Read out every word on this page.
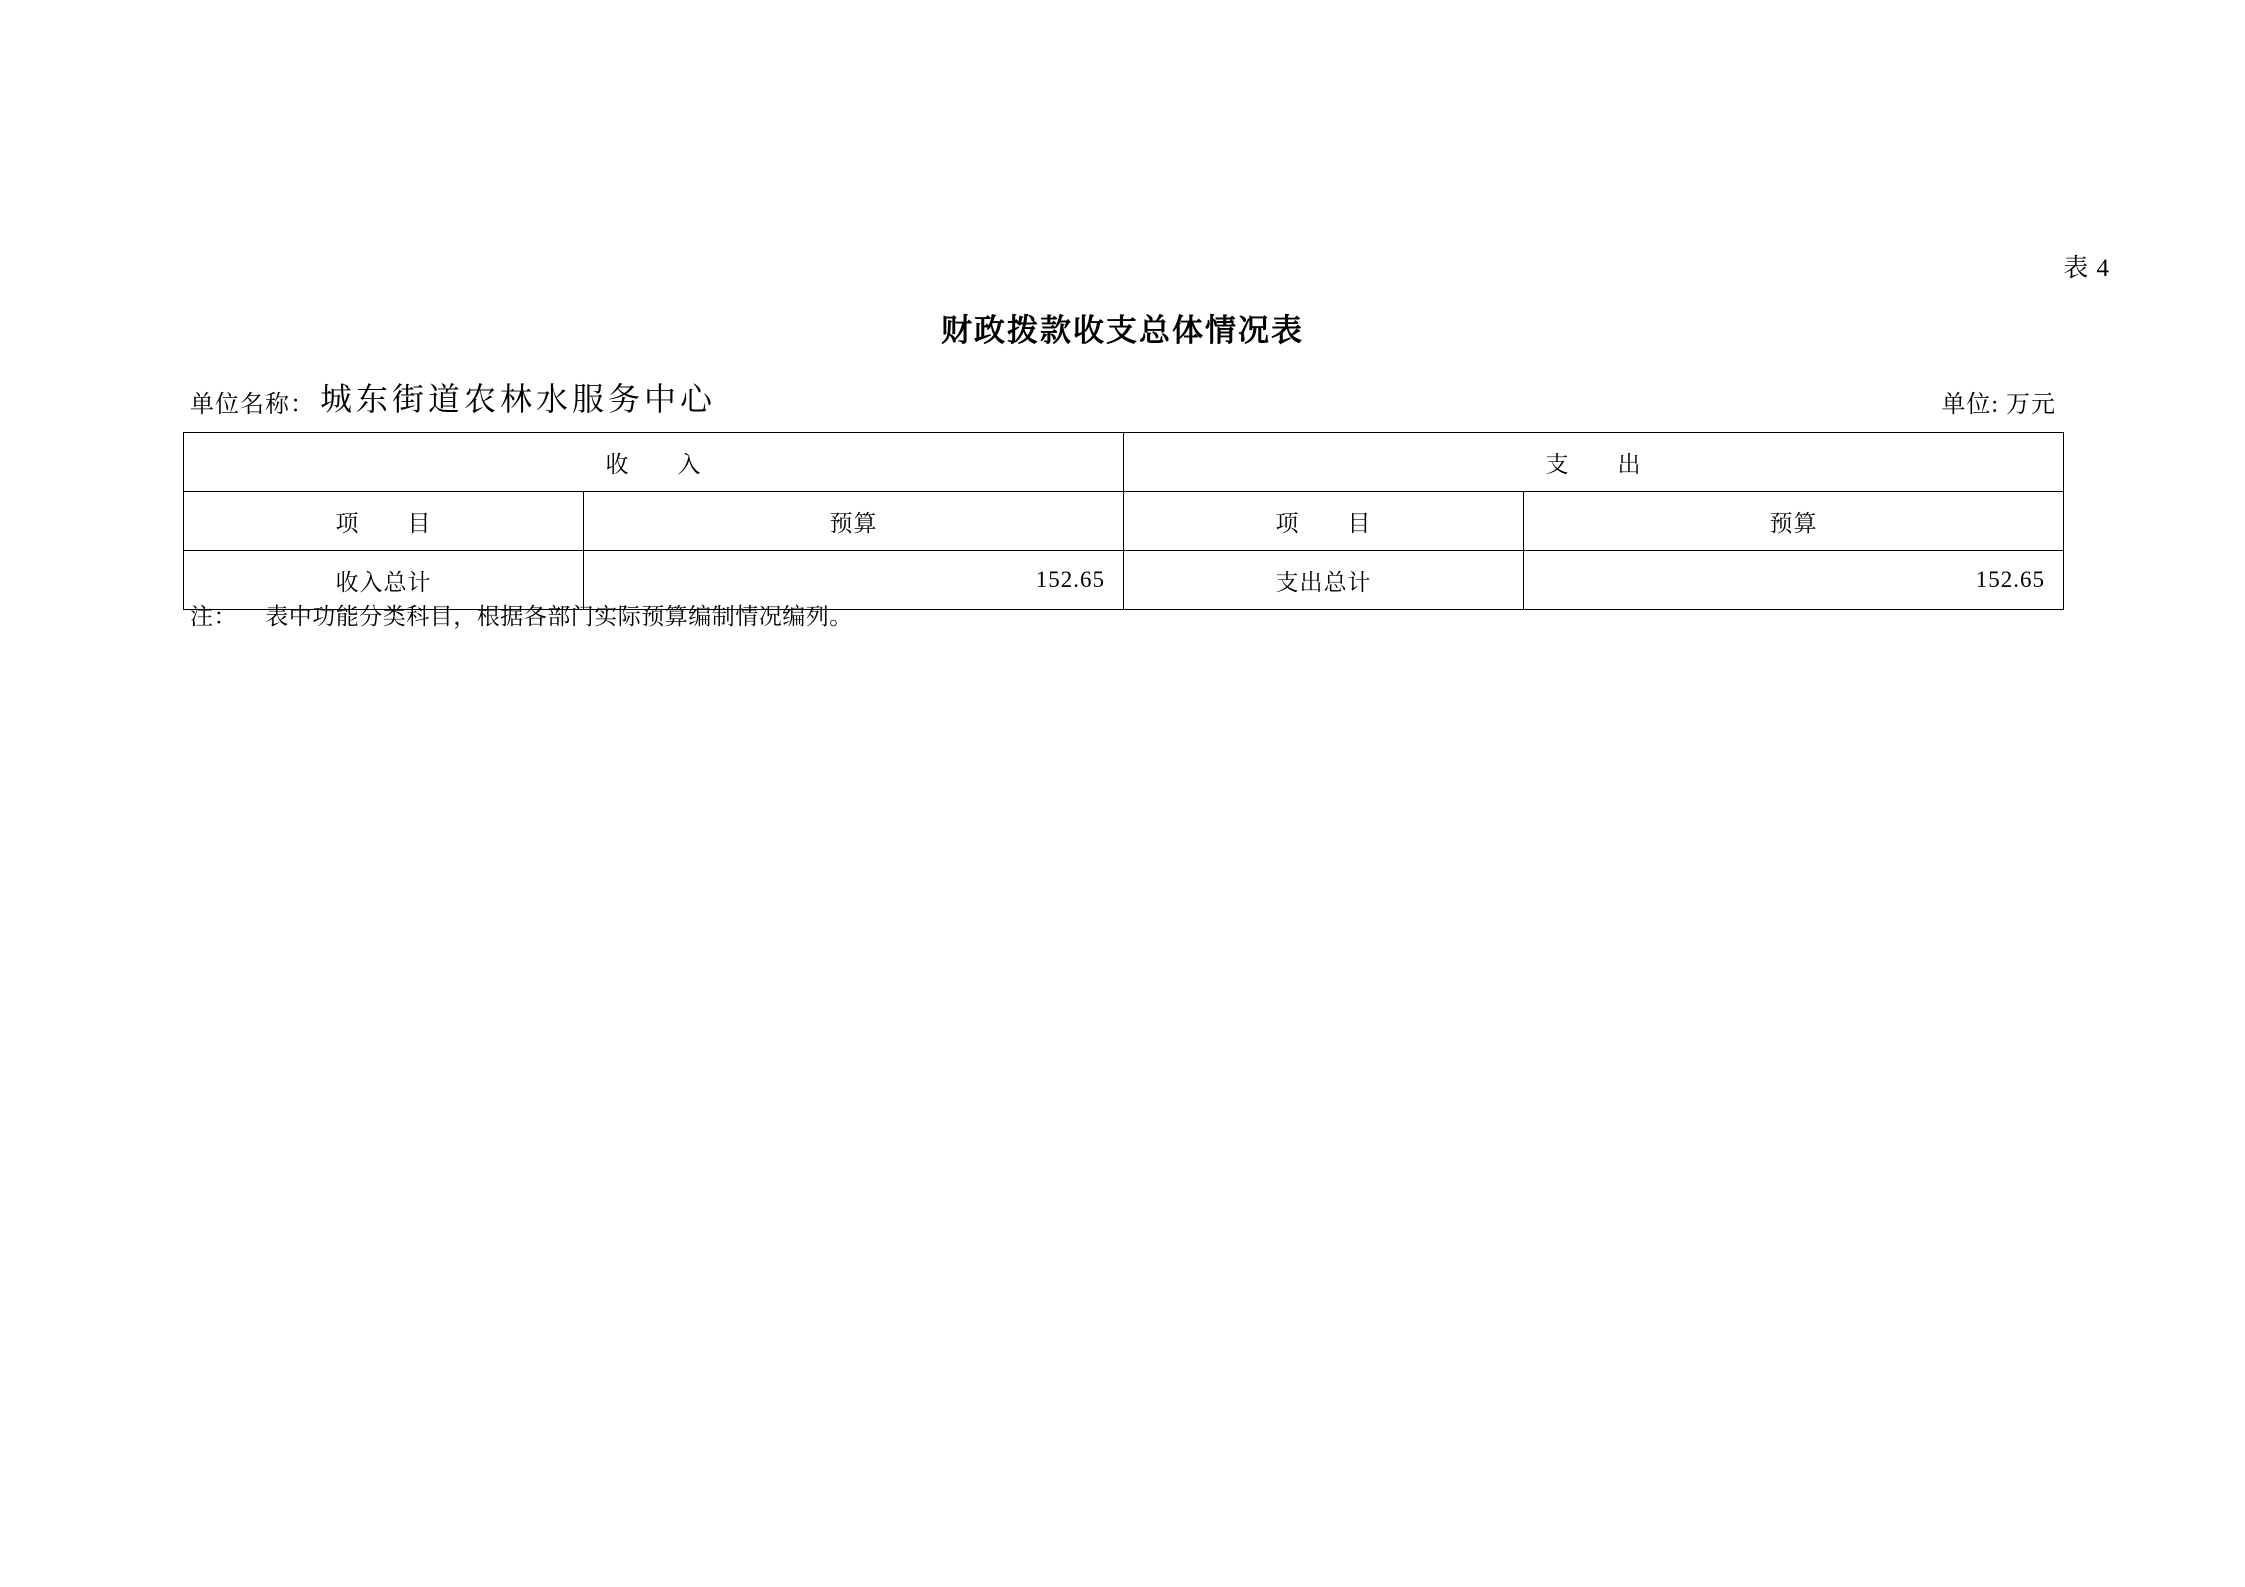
表 4
财政拨款收支总体情况表
单位名称： 城东街道农林水服务中心	单位: 万元
收　　入		支　　出	
项　　目	预算	项　　目	预算
收入总计	152.65	支出总计	152.65
注： 表中功能分类科目，根据各部门实际预算编制情况编列。
